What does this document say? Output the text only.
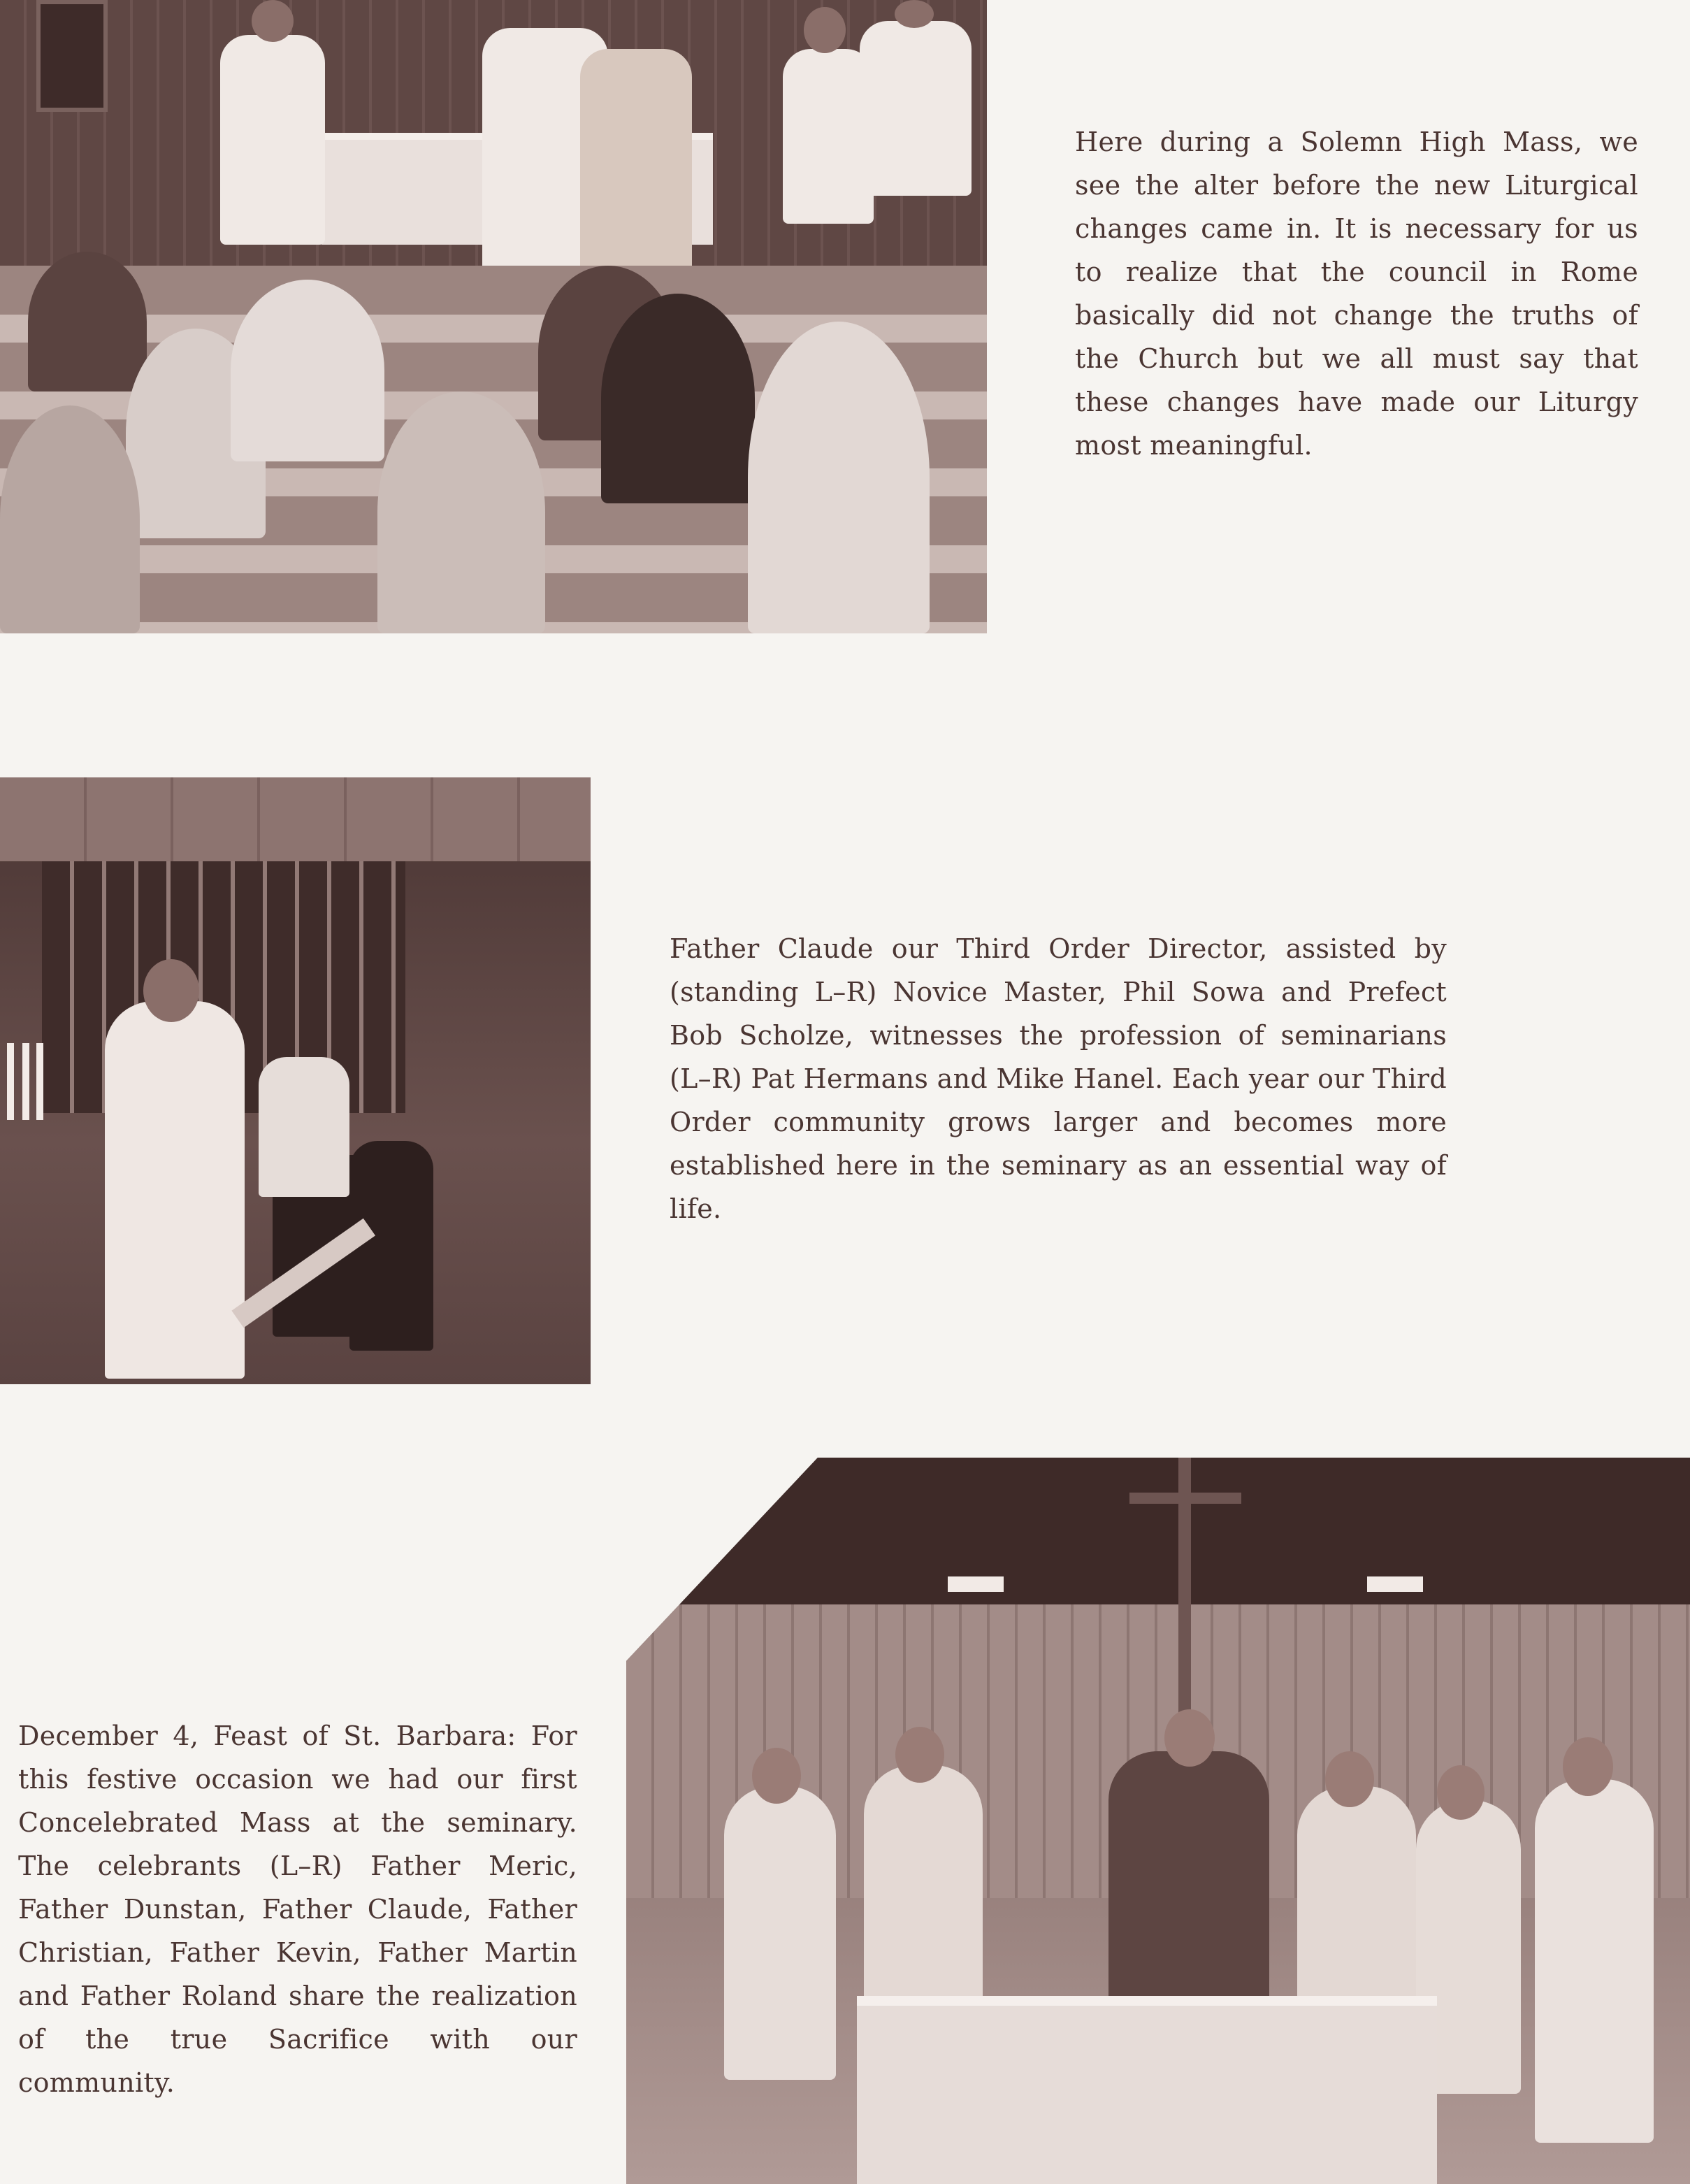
Here during a Solemn High Mass, we see the alter before the new Liturgical changes came in. It is necessary for us to realize that the council in Rome basically did not change the truths of the Church but we all must say that these changes have made our Liturgy most meaningful.

Father Claude our Third Order Director, assisted by (standing L–R) Novice Master, Phil Sowa and Prefect Bob Scholze, witnesses the profession of seminarians (L–R) Pat Hermans and Mike Hanel. Each year our Third Order community grows larger and becomes more established here in the seminary as an essential way of life.

December 4, Feast of St. Barbara: For this festive occasion we had our first Concelebrated Mass at the seminary. The celebrants (L–R) Father Meric, Father Dunstan, Father Claude, Father Christian, Father Kevin, Father Martin and Father Roland share the realization of the true Sacrifice with our community.
